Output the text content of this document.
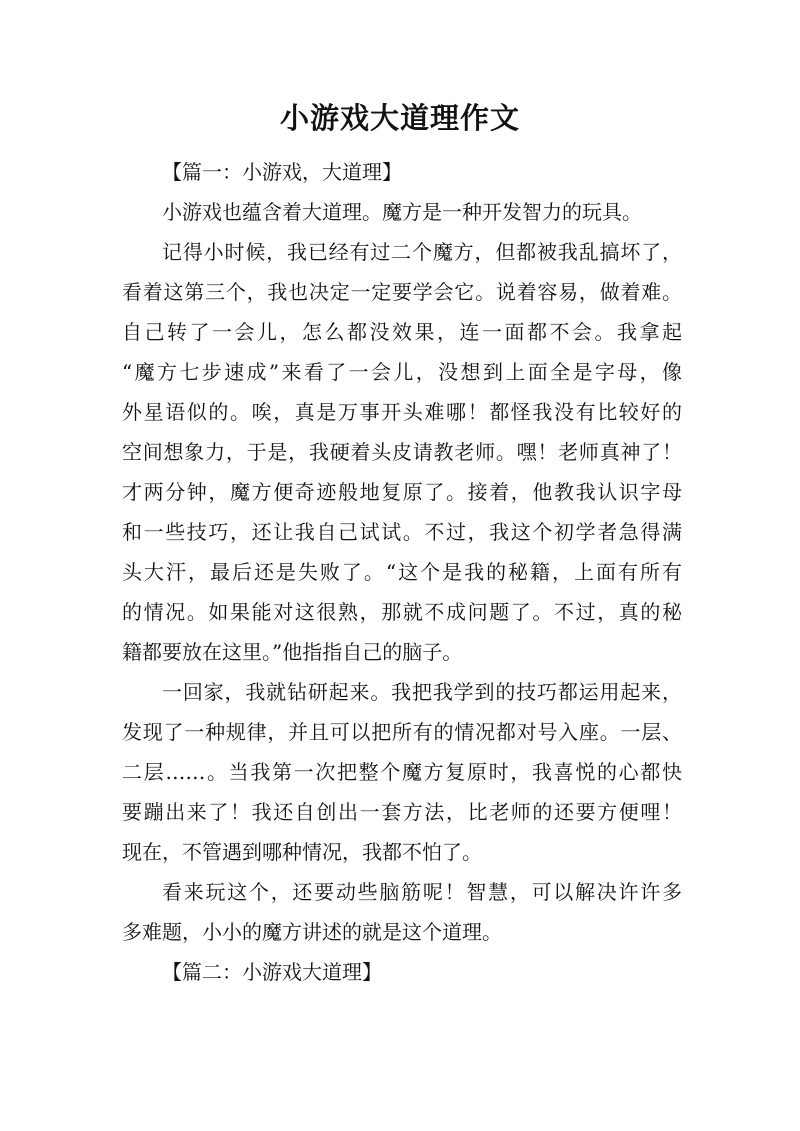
小游戏大道理作文
【篇一：小游戏，大道理】
小游戏也蕴含着大道理。魔方是一种开发智力的玩具。
记得小时候，我已经有过二个魔方，但都被我乱搞坏了，
看着这第三个，我也决定一定要学会它。说着容易，做着难。
自己转了一会儿，怎么都没效果，连一面都不会。我拿起
“魔方七步速成”来看了一会儿，没想到上面全是字母，像
外星语似的。唉，真是万事开头难哪！都怪我没有比较好的
空间想象力，于是，我硬着头皮请教老师。嘿！老师真神了！
才两分钟，魔方便奇迹般地复原了。接着，他教我认识字母
和一些技巧，还让我自己试试。不过，我这个初学者急得满
头大汗，最后还是失败了。“这个是我的秘籍，上面有所有
的情况。如果能对这很熟，那就不成问题了。不过，真的秘
籍都要放在这里。”他指指自己的脑子。
一回家，我就钻研起来。我把我学到的技巧都运用起来，
发现了一种规律，并且可以把所有的情况都对号入座。一层、
二层……。当我第一次把整个魔方复原时，我喜悦的心都快
要蹦出来了！我还自创出一套方法，比老师的还要方便哩！
现在，不管遇到哪种情况，我都不怕了。
看来玩这个，还要动些脑筋呢！智慧，可以解决许许多
多难题，小小的魔方讲述的就是这个道理。
【篇二：小游戏大道理】
